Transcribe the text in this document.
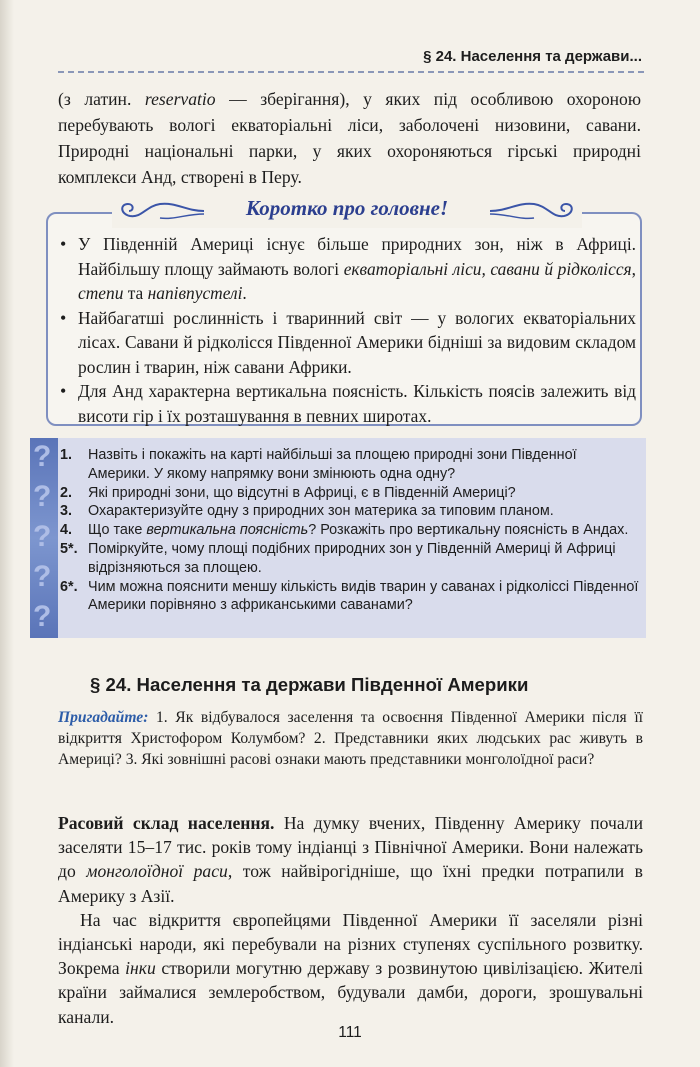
§ 24. Населення та держави...

(з латин. reservatio — зберігання), у яких під особливою охороною перебувають вологі екваторіальні ліси, заболочені низовини, савани. Природні національні парки, у яких охороняються гірські природні комплекси Анд, створені в Перу.

Коротко про головне!
• У Південній Америці існує більше природних зон, ніж в Африці. Найбільшу площу займають вологі екваторіальні ліси, савани й рідколісся, степи та напівпустелі.
• Найбагатші рослинність і тваринний світ — у вологих екваторіальних лісах. Савани й рідколісся Південної Америки бідніші за видовим складом рослин і тварин, ніж савани Африки.
• Для Анд характерна вертикальна поясність. Кількість поясів залежить від висоти гір і їх розташування в певних широтах.
?
?
?
?
?
1. Назвіть і покажіть на карті найбільші за площею природні зони Південної Америки. У якому напрямку вони змінюють одна одну?
2. Які природні зони, що відсутні в Африці, є в Південній Америці?
3. Охарактеризуйте одну з природних зон материка за типовим планом.
4. Що таке вертикальна поясність? Розкажіть про вертикальну поясність в Андах.
5*. Поміркуйте, чому площі подібних природних зон у Південній Америці й Африці відрізняються за площею.
6*. Чим можна пояснити меншу кількість видів тварин у саванах і рідколіссі Південної Америки порівняно з африканськими саванами?
§ 24. Населення та держави Південної Америки
Пригадайте: 1. Як відбувалося заселення та освоєння Південної Америки після її відкриття Христофором Колумбом? 2. Представники яких людських рас живуть в Америці? 3. Які зовнішні расові ознаки мають представники монголоїдної раси?

Расовий склад населення. На думку вчених, Південну Америку почали заселяти 15–17 тис. років тому індіанці з Північної Америки. Вони належать до монголоїдної раси, тож найвірогідніше, що їхні предки потрапили в Америку з Азії.

На час відкриття європейцями Південної Америки її заселяли різні індіанські народи, які перебували на різних ступенях суспільного розвитку. Зокрема інки створили могутню державу з розвинутою цивілізацією. Жителі країни займалися землеробством, будували дамби, дороги, зрошувальні канали.

111
